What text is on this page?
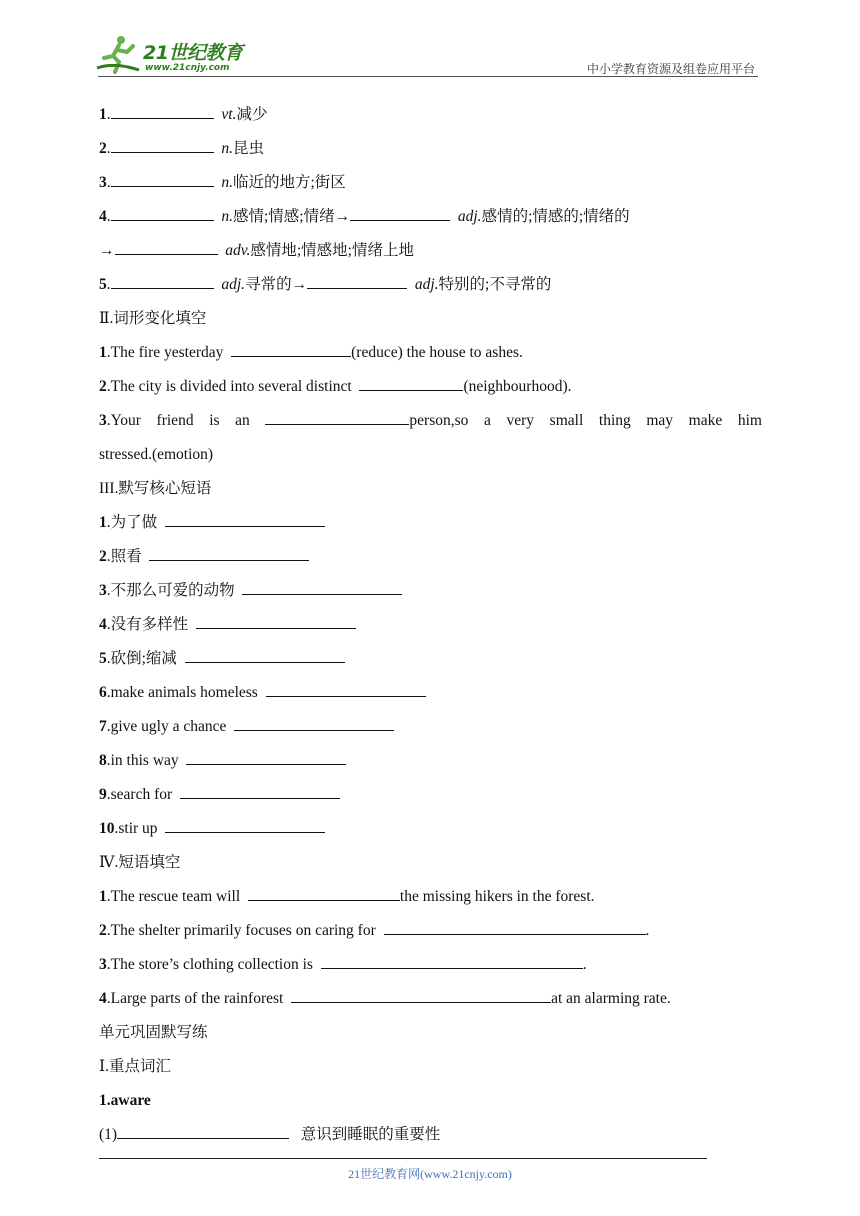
21世纪教育
www.21cnjy.com	中小学教育资源及组卷应用平台
1.	vt.减少
2.	n.昆虫
3.	n.临近的地方;街区
4.	n.感情;情感;情绪→	adj.感情的;情感的;情绪的
→	adv.感情地;情感地;情绪上地
5.	adj.寻常的→	adj.特别的;不寻常的
Ⅱ.词形变化填空
1.The fire yesterday	(reduce) the house to ashes.
2.The city is divided into several distinct	(neighbourhood).
3.Your friend is an	person,so a very small thing may make him
stressed.(emotion)
III.默写核心短语
1.为了做
2.照看
3.不那么可爱的动物
4.没有多样性
5.砍倒;缩减
6.make animals homeless
7.give ugly a chance
8.in this way
9.search for
10.stir up
Ⅳ.短语填空
1.The rescue team will	the missing hikers in the forest.
2.The shelter primarily focuses on caring for	.
3.The store’s clothing collection is	.
4.Large parts of the rainforest	at an alarming rate.
单元巩固默写练
Ⅰ.重点词汇
1.aware
(1)	意识到睡眠的重要性
21世纪教育网(www.21cnjy.com)
